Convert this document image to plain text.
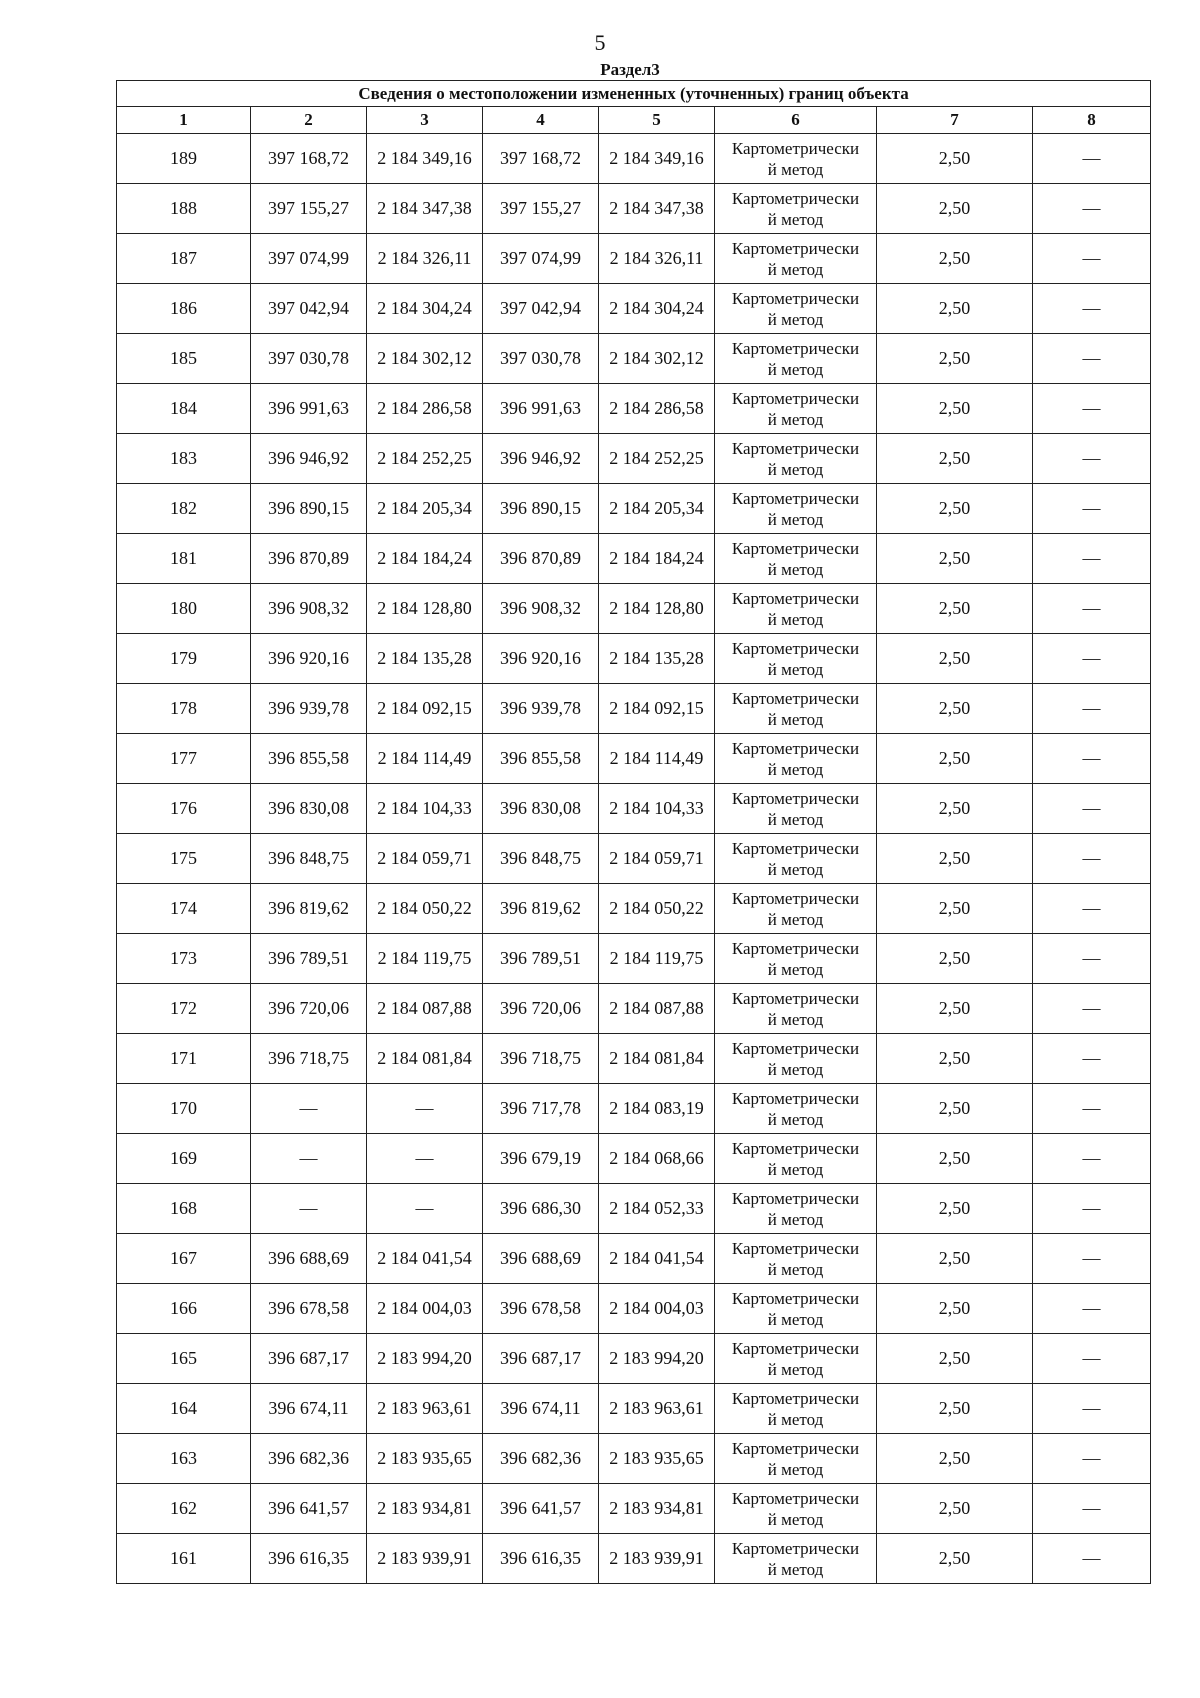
5
Раздел3
Сведения о местоположении измененных (уточненных) границ объекта							
1	2	3	4	5	6	7	8
189	397 168,72	2 184 349,16	397 168,72	2 184 349,16	Картометрически
й метод	2,50	—
188	397 155,27	2 184 347,38	397 155,27	2 184 347,38	Картометрически
й метод	2,50	—
187	397 074,99	2 184 326,11	397 074,99	2 184 326,11	Картометрически
й метод	2,50	—
186	397 042,94	2 184 304,24	397 042,94	2 184 304,24	Картометрически
й метод	2,50	—
185	397 030,78	2 184 302,12	397 030,78	2 184 302,12	Картометрически
й метод	2,50	—
184	396 991,63	2 184 286,58	396 991,63	2 184 286,58	Картометрически
й метод	2,50	—
183	396 946,92	2 184 252,25	396 946,92	2 184 252,25	Картометрически
й метод	2,50	—
182	396 890,15	2 184 205,34	396 890,15	2 184 205,34	Картометрически
й метод	2,50	—
181	396 870,89	2 184 184,24	396 870,89	2 184 184,24	Картометрически
й метод	2,50	—
180	396 908,32	2 184 128,80	396 908,32	2 184 128,80	Картометрически
й метод	2,50	—
179	396 920,16	2 184 135,28	396 920,16	2 184 135,28	Картометрически
й метод	2,50	—
178	396 939,78	2 184 092,15	396 939,78	2 184 092,15	Картометрически
й метод	2,50	—
177	396 855,58	2 184 114,49	396 855,58	2 184 114,49	Картометрически
й метод	2,50	—
176	396 830,08	2 184 104,33	396 830,08	2 184 104,33	Картометрически
й метод	2,50	—
175	396 848,75	2 184 059,71	396 848,75	2 184 059,71	Картометрически
й метод	2,50	—
174	396 819,62	2 184 050,22	396 819,62	2 184 050,22	Картометрически
й метод	2,50	—
173	396 789,51	2 184 119,75	396 789,51	2 184 119,75	Картометрически
й метод	2,50	—
172	396 720,06	2 184 087,88	396 720,06	2 184 087,88	Картометрически
й метод	2,50	—
171	396 718,75	2 184 081,84	396 718,75	2 184 081,84	Картометрически
й метод	2,50	—
170	—	—	396 717,78	2 184 083,19	Картометрически
й метод	2,50	—
169	—	—	396 679,19	2 184 068,66	Картометрически
й метод	2,50	—
168	—	—	396 686,30	2 184 052,33	Картометрически
й метод	2,50	—
167	396 688,69	2 184 041,54	396 688,69	2 184 041,54	Картометрически
й метод	2,50	—
166	396 678,58	2 184 004,03	396 678,58	2 184 004,03	Картометрически
й метод	2,50	—
165	396 687,17	2 183 994,20	396 687,17	2 183 994,20	Картометрически
й метод	2,50	—
164	396 674,11	2 183 963,61	396 674,11	2 183 963,61	Картометрически
й метод	2,50	—
163	396 682,36	2 183 935,65	396 682,36	2 183 935,65	Картометрически
й метод	2,50	—
162	396 641,57	2 183 934,81	396 641,57	2 183 934,81	Картометрически
й метод	2,50	—
161	396 616,35	2 183 939,91	396 616,35	2 183 939,91	Картометрически
й метод	2,50	—
